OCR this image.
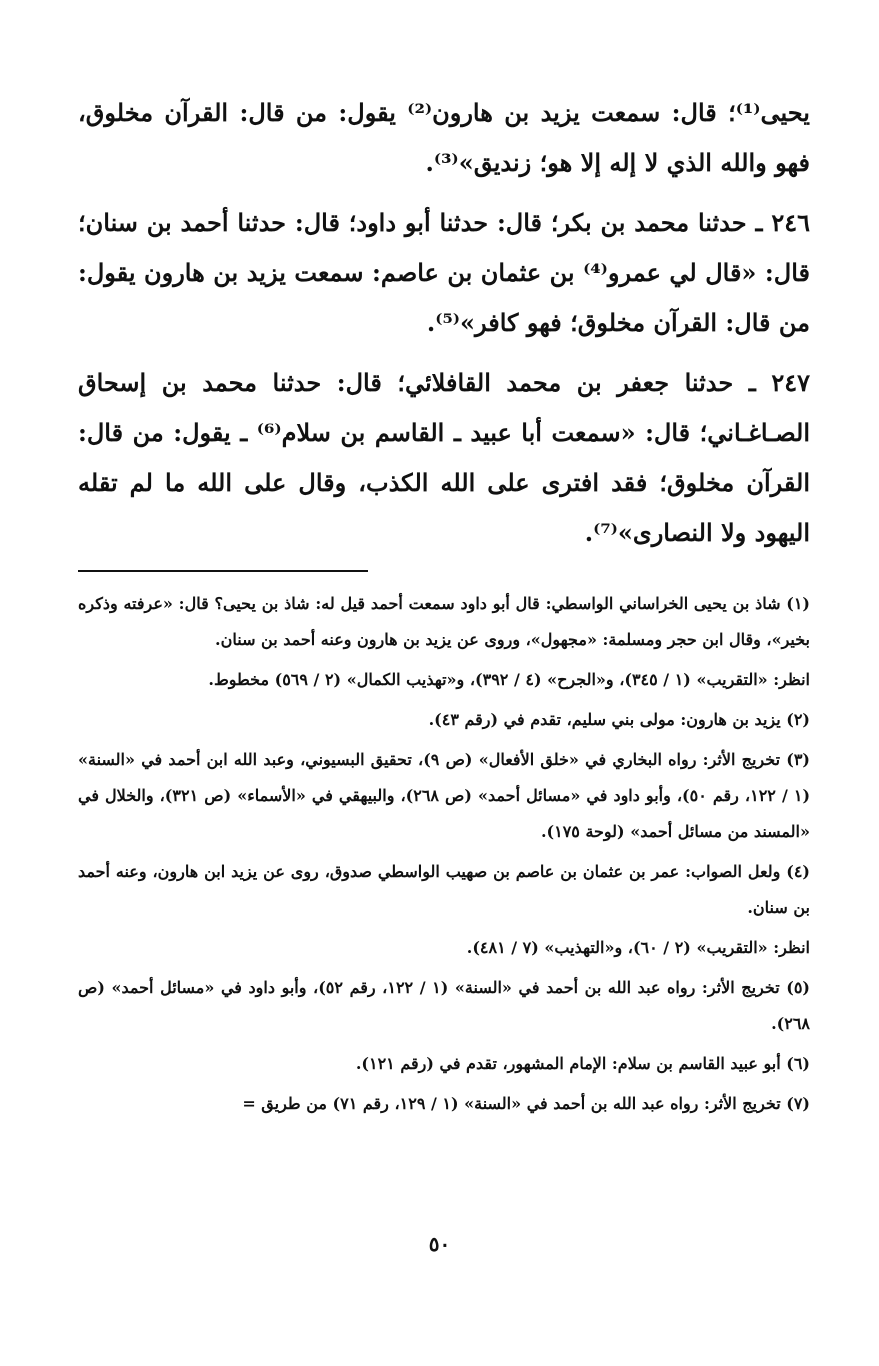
يحيى⁽¹⁾؛ قال: سمعت يزيد بن هارون⁽²⁾ يقول: من قال: القرآن مخلوق، فهو والله الذي لا إله إلا هو؛ زنديق»⁽³⁾.

٢٤٦ ـ حدثنا محمد بن بكر؛ قال: حدثنا أبو داود؛ قال: حدثنا أحمد بن سنان؛ قال: «قال لي عمرو⁽⁴⁾ بن عثمان بن عاصم: سمعت يزيد بن هارون يقول: من قال: القرآن مخلوق؛ فهو كافر»⁽⁵⁾.

٢٤٧ ـ حدثنا جعفر بن محمد القافلائي؛ قال: حدثنا محمد بن إسحاق الصـاغـاني؛ قال: «سمعت أبا عبيد ـ القاسم بن سلام⁽⁶⁾ ـ يقول: من قال: القرآن مخلوق؛ فقد افترى على الله الكذب، وقال على الله ما لم تقله اليهود ولا النصارى»⁽⁷⁾.

(١) شاذ بن يحيى الخراساني الواسطي: قال أبو داود سمعت أحمد قيل له: شاذ بن يحيى؟ قال: «عرفته وذكره بخير»، وقال ابن حجر ومسلمة: «مجهول»، وروى عن يزيد بن هارون وعنه أحمد بن سنان.

انظر: «التقريب» (١ / ٣٤٥)، و«الجرح» (٤ / ٣٩٢)، و«تهذيب الكمال» (٢ / ٥٦٩) مخطوط.

(٢) يزيد بن هارون: مولى بني سليم، تقدم في (رقم ٤٣).

(٣) تخريج الأثر: رواه البخاري في «خلق الأفعال» (ص ٩)، تحقيق البسيوني، وعبد الله ابن أحمد في «السنة» (١ / ١٢٢، رقم ٥٠)، وأبو داود في «مسائل أحمد» (ص ٢٦٨)، والبيهقي في «الأسماء» (ص ٣٢١)، والخلال في «المسند من مسائل أحمد» (لوحة ١٧٥).

(٤) ولعل الصواب: عمر بن عثمان بن عاصم بن صهيب الواسطي صدوق، روى عن يزيد ابن هارون، وعنه أحمد بن سنان.

انظر: «التقريب» (٢ / ٦٠)، و«التهذيب» (٧ / ٤٨١).

(٥) تخريج الأثر: رواه عبد الله بن أحمد في «السنة» (١ / ١٢٢، رقم ٥٢)، وأبو داود في «مسائل أحمد» (ص ٢٦٨).

(٦) أبو عبيد القاسم بن سلام: الإمام المشهور، تقدم في (رقم ١٢١).

(٧) تخريج الأثر: رواه عبد الله بن أحمد في «السنة» (١ / ١٢٩، رقم ٧١) من طريق =

٥٠
